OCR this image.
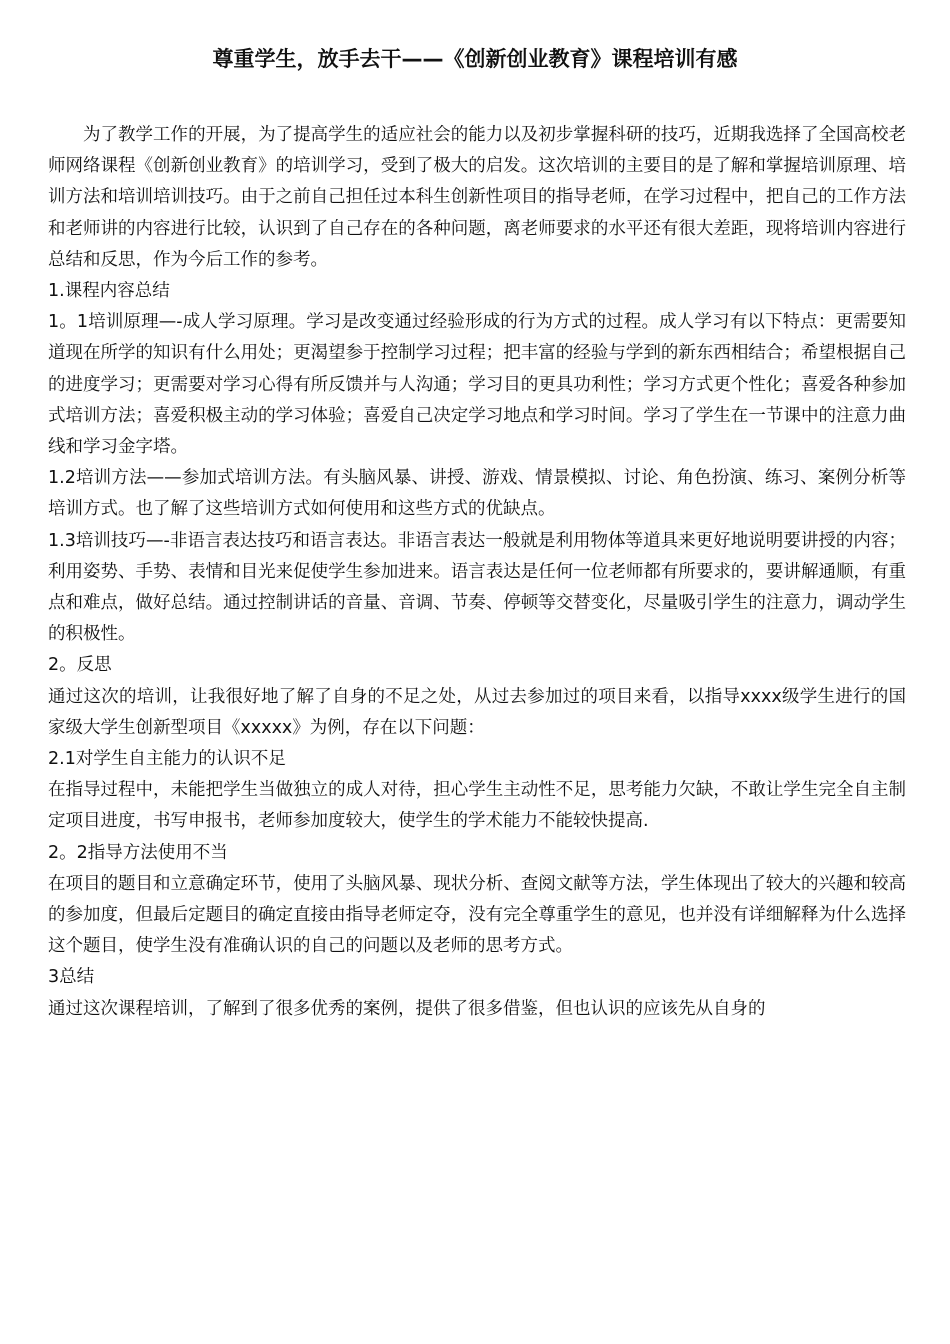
尊重学生，放手去干——《创新创业教育》课程培训有感

为了教学工作的开展，为了提高学生的适应社会的能力以及初步掌握科研的技巧，近期我选择了全国高校老师网络课程《创新创业教育》的培训学习，受到了极大的启发。这次培训的主要目的是了解和掌握培训原理、培训方法和培训培训技巧。由于之前自己担任过本科生创新性项目的指导老师，在学习过程中，把自己的工作方法和老师讲的内容进行比较，认识到了自己存在的各种问题，离老师要求的水平还有很大差距，现将培训内容进行总结和反思，作为今后工作的参考。

1.课程内容总结

1。1培训原理—-成人学习原理。学习是改变通过经验形成的行为方式的过程。成人学习有以下特点：更需要知道现在所学的知识有什么用处；更渴望参于控制学习过程；把丰富的经验与学到的新东西相结合；希望根据自己的进度学习；更需要对学习心得有所反馈并与人沟通；学习目的更具功利性；学习方式更个性化；喜爱各种参加式培训方法；喜爱积极主动的学习体验；喜爱自己决定学习地点和学习时间。学习了学生在一节课中的注意力曲线和学习金字塔。

1.2培训方法——参加式培训方法。有头脑风暴、讲授、游戏、情景模拟、讨论、角色扮演、练习、案例分析等培训方式。也了解了这些培训方式如何使用和这些方式的优缺点。

1.3培训技巧—-非语言表达技巧和语言表达。非语言表达一般就是利用物体等道具来更好地说明要讲授的内容；利用姿势、手势、表情和目光来促使学生参加进来。语言表达是任何一位老师都有所要求的，要讲解通顺，有重点和难点，做好总结。通过控制讲话的音量、音调、节奏、停顿等交替变化，尽量吸引学生的注意力，调动学生的积极性。

2。反思

通过这次的培训，让我很好地了解了自身的不足之处，从过去参加过的项目来看，以指导xxxx级学生进行的国家级大学生创新型项目《xxxxx》为例，存在以下问题：

2.1对学生自主能力的认识不足

在指导过程中，未能把学生当做独立的成人对待，担心学生主动性不足，思考能力欠缺，不敢让学生完全自主制定项目进度，书写申报书，老师参加度较大，使学生的学术能力不能较快提高.

2。2指导方法使用不当

在项目的题目和立意确定环节，使用了头脑风暴、现状分析、查阅文献等方法，学生体现出了较大的兴趣和较高的参加度，但最后定题目的确定直接由指导老师定夺，没有完全尊重学生的意见，也并没有详细解释为什么选择这个题目，使学生没有准确认识的自己的问题以及老师的思考方式。

3总结

通过这次课程培训，了解到了很多优秀的案例，提供了很多借鉴，但也认识的应该先从自身的
